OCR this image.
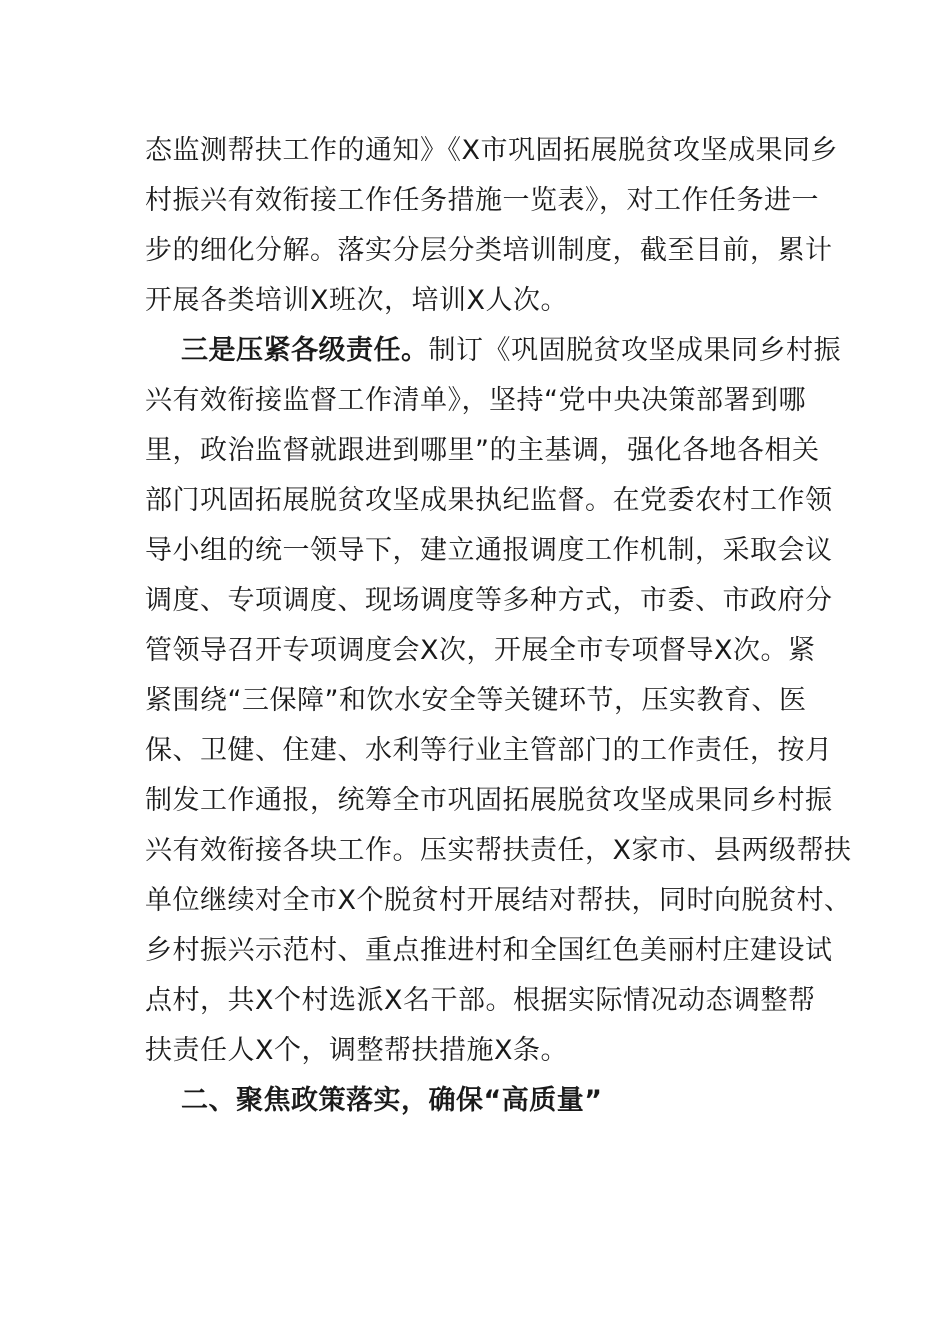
态监测帮扶工作的通知》《X市巩固拓展脱贫攻坚成果同乡
村振兴有效衔接工作任务措施一览表》，对工作任务进一
步的细化分解。落实分层分类培训制度，截至目前，累计
开展各类培训X班次，培训X人次。
三是压紧各级责任。制订《巩固脱贫攻坚成果同乡村振
兴有效衔接监督工作清单》，坚持“党中央决策部署到哪
里，政治监督就跟进到哪里”的主基调，强化各地各相关
部门巩固拓展脱贫攻坚成果执纪监督。在党委农村工作领
导小组的统一领导下，建立通报调度工作机制，采取会议
调度、专项调度、现场调度等多种方式，市委、市政府分
管领导召开专项调度会X次，开展全市专项督导X次。紧
紧围绕“三保障”和饮水安全等关键环节，压实教育、医
保、卫健、住建、水利等行业主管部门的工作责任，按月
制发工作通报，统筹全市巩固拓展脱贫攻坚成果同乡村振
兴有效衔接各块工作。压实帮扶责任，X家市、县两级帮扶
单位继续对全市X个脱贫村开展结对帮扶，同时向脱贫村、
乡村振兴示范村、重点推进村和全国红色美丽村庄建设试
点村，共X个村选派X名干部。根据实际情况动态调整帮
扶责任人X个，调整帮扶措施X条。
二、聚焦政策落实，确保“高质量”
